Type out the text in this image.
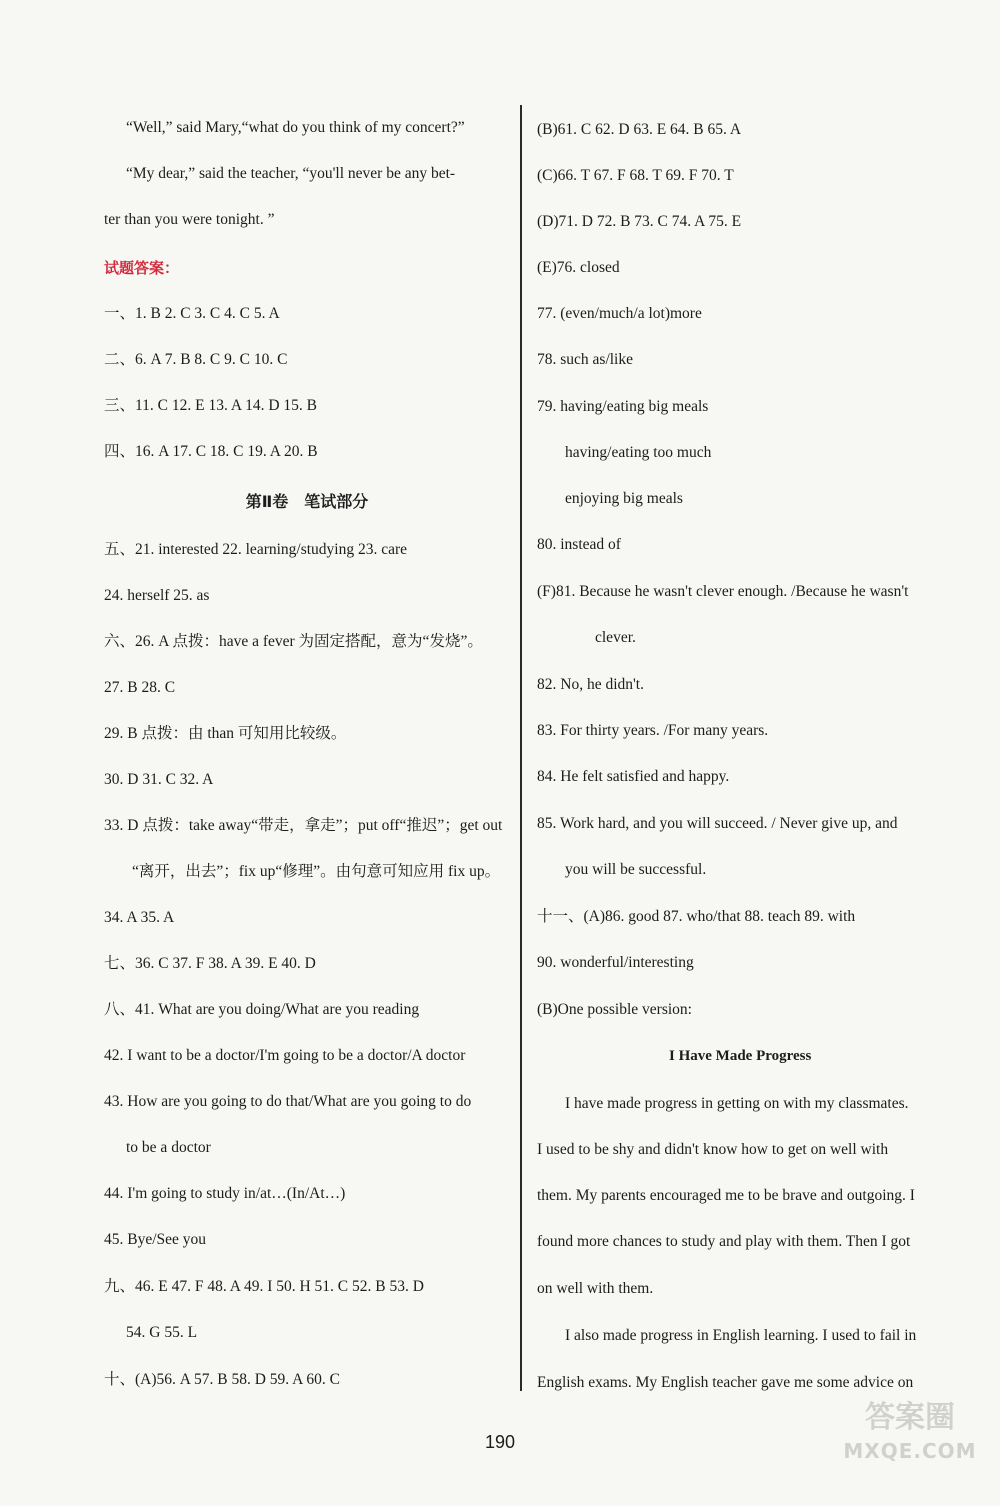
“Well,” said Mary,“what do you think of my concert?”
“My dear,” said the teacher, “you'll never be any bet-
ter than you were tonight. ”
试题答案：
一、1. B 2. C 3. C 4. C 5. A
二、6. A 7. B 8. C 9. C 10. C
三、11. C 12. E 13. A 14. D 15. B
四、16. A 17. C 18. C 19. A 20. B
第Ⅱ卷　笔试部分
五、21. interested 22. learning/studying 23. care
24. herself 25. as
六、26. A 点拨：have a fever 为固定搭配，意为“发烧”。
27. B 28. C
29. B 点拨：由 than 可知用比较级。
30. D 31. C 32. A
33. D 点拨：take away“带走，拿走”；put off“推迟”；get out
“离开，出去”；fix up“修理”。由句意可知应用 fix up。
34. A 35. A
七、36. C 37. F 38. A 39. E 40. D
八、41. What are you doing/What are you reading
42. I want to be a doctor/I'm going to be a doctor/A doctor
43. How are you going to do that/What are you going to do
to be a doctor
44. I'm going to study in/at…(In/At…)
45. Bye/See you
九、46. E 47. F 48. A 49. I 50. H 51. C 52. B 53. D
54. G 55. L
十、(A)56. A 57. B 58. D 59. A 60. C
(B)61. C 62. D 63. E 64. B 65. A
(C)66. T 67. F 68. T 69. F 70. T
(D)71. D 72. B 73. C 74. A 75. E
(E)76. closed
77. (even/much/a lot)more
78. such as/like
79. having/eating big meals
having/eating too much
enjoying big meals
80. instead of
(F)81. Because he wasn't clever enough. /Because he wasn't
clever.
82. No, he didn't.
83. For thirty years. /For many years.
84. He felt satisfied and happy.
85. Work hard, and you will succeed. / Never give up, and
you will be successful.
十一、(A)86. good 87. who/that 88. teach 89. with
90. wonderful/interesting
(B)One possible version:
I Have Made Progress
I have made progress in getting on with my classmates.
I used to be shy and didn't know how to get on well with
them. My parents encouraged me to be brave and outgoing. I
found more chances to study and play with them. Then I got
on well with them.
I also made progress in English learning. I used to fail in
English exams. My English teacher gave me some advice on
190
答案圈
MXQE.COM
